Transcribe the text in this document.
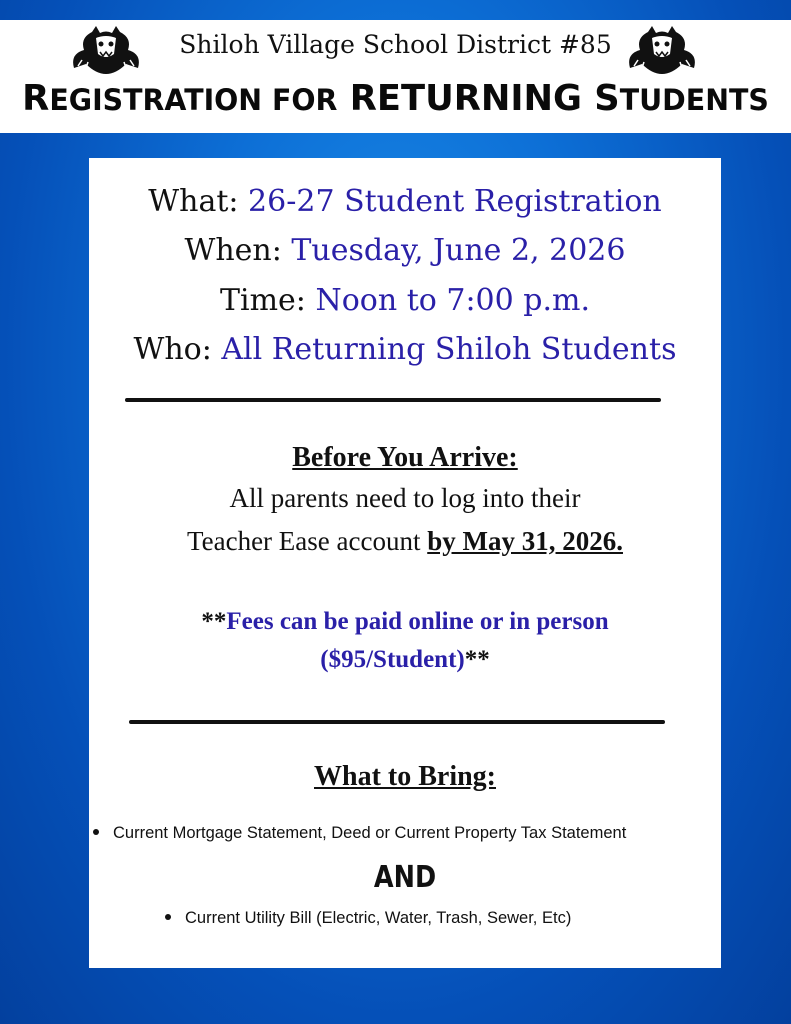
Shiloh Village School District #85
REGISTRATION FOR RETURNING STUDENTS
What: 26-27 Student Registration
When: Tuesday, June 2, 2026
Time: Noon to 7:00 p.m.
Who: All Returning Shiloh Students
Before You Arrive:
All parents need to log into their
Teacher Ease account by May 31, 2026.
**Fees can be paid online or in person
($95/Student)**
What to Bring:
Current Mortgage Statement, Deed or Current Property Tax Statement
AND
Current Utility Bill (Electric, Water, Trash, Sewer, Etc)
